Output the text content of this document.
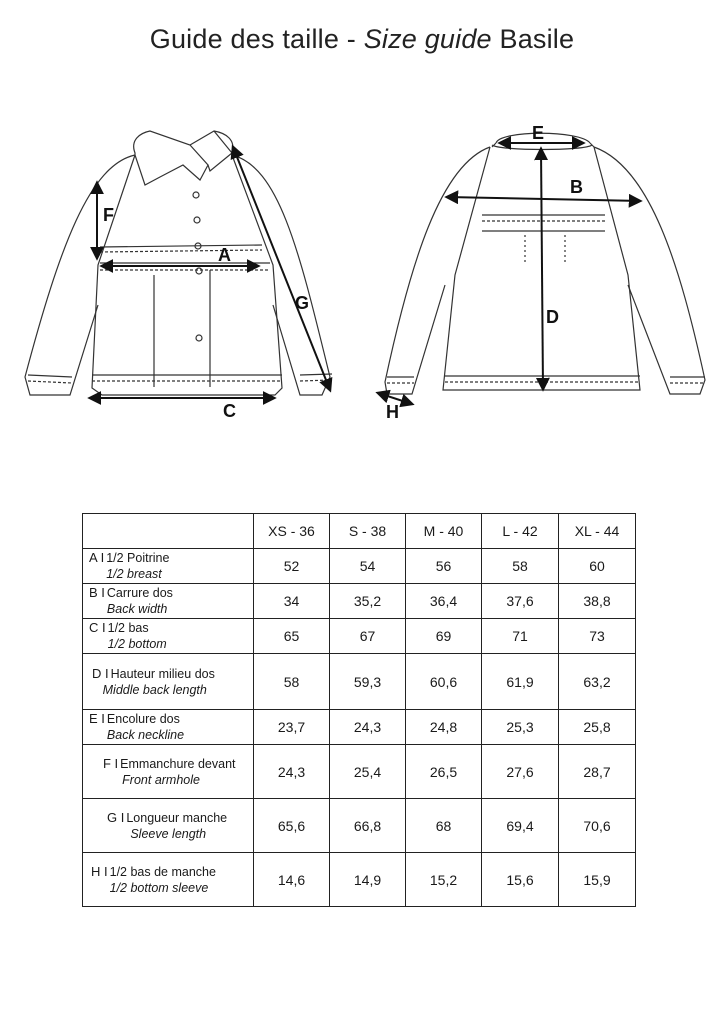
Guide des taille - Size guide Basile
A
C
F
G
E
B
D
H
	XS - 36	S - 38	M - 40	L - 42	XL - 44

A I 1/2 Poitrine
1/2 breast	52	54	56	58	60

B I Carrure dos
Back width	34	35,2	36,4	37,6	38,8

C I 1/2 bas
1/2 bottom	65	67	69	71	73

D I Hauteur milieu dos
Middle back length	58	59,3	60,6	61,9	63,2

E I Encolure dos
Back neckline	23,7	24,3	24,8	25,3	25,8

F I Emmanchure devant
Front armhole	24,3	25,4	26,5	27,6	28,7

G I Longueur manche
Sleeve length	65,6	66,8	68	69,4	70,6

H I 1/2 bas de manche
1/2 bottom sleeve	14,6	14,9	15,2	15,6	15,9
